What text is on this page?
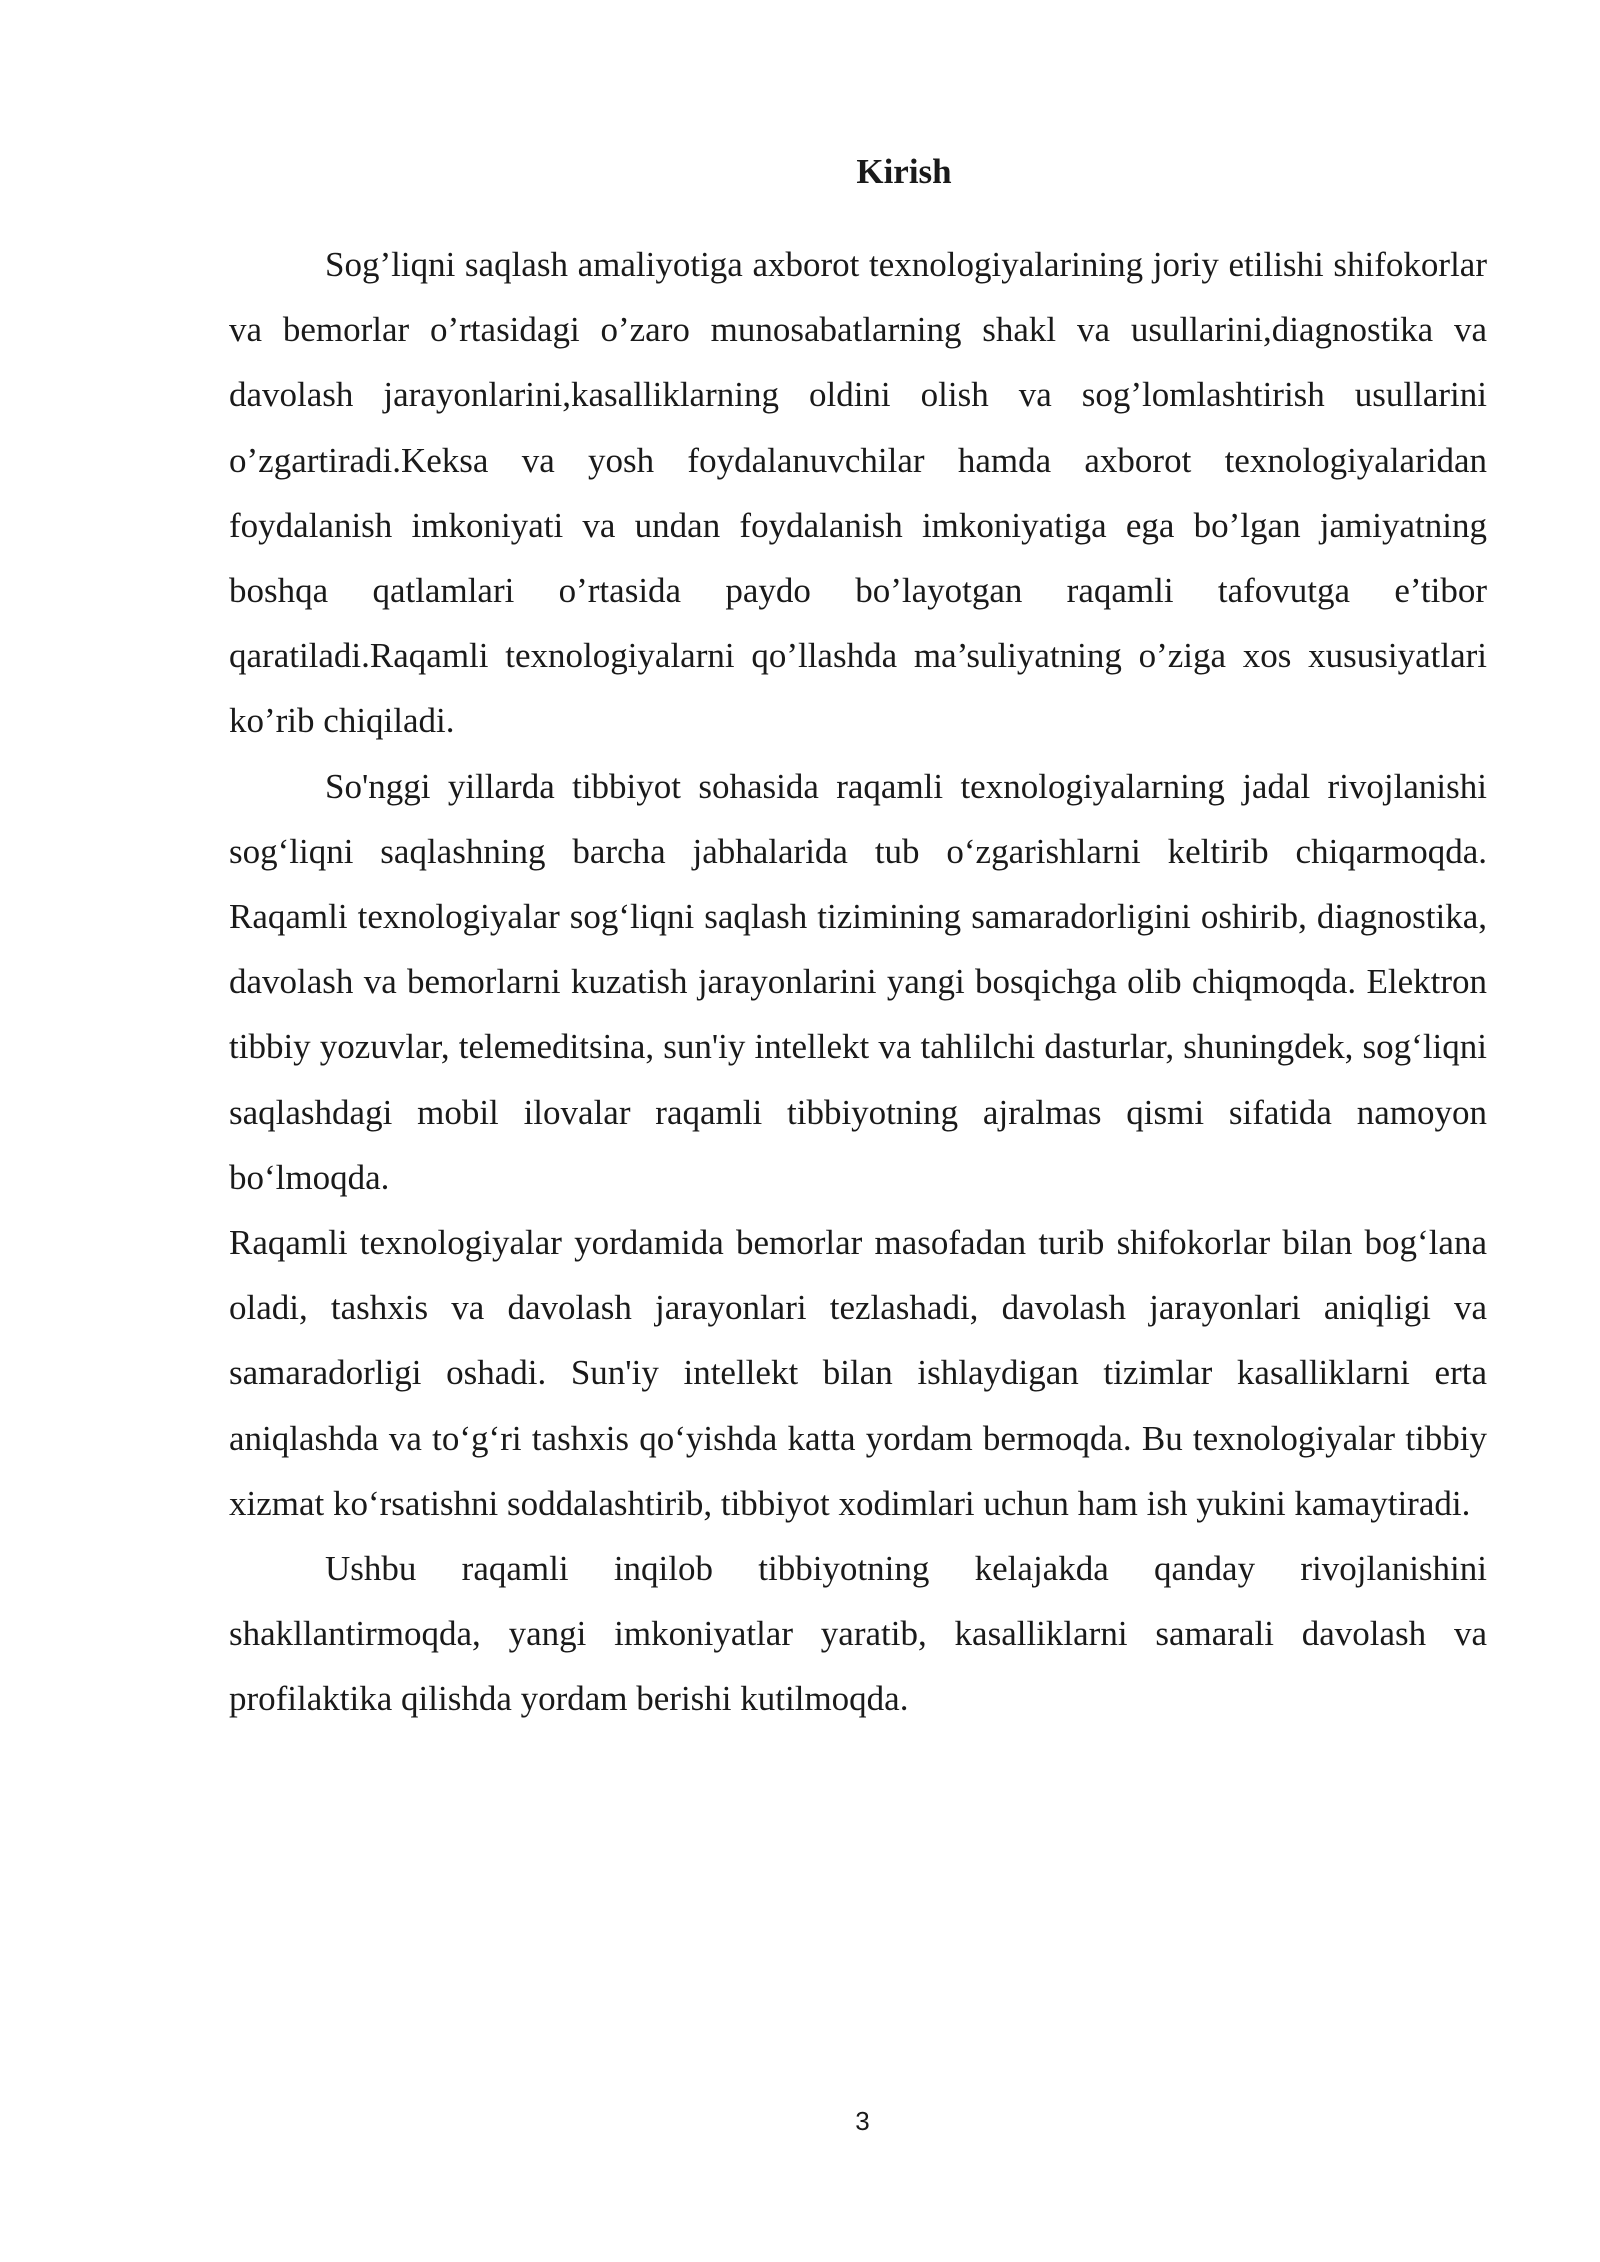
Kirish

Sog’liqni saqlash amaliyotiga axborot texnologiyalarining joriy etilishi shifokorlar va bemorlar o’rtasidagi o’zaro munosabatlarning shakl va usullarini,diagnostika va davolash jarayonlarini,kasalliklarning oldini olish va sog’lomlashtirish usullarini o’zgartiradi.Keksa va yosh foydalanuvchilar hamda axborot texnologiyalaridan foydalanish imkoniyati va undan foydalanish imkoniyatiga ega bo’lgan jamiyatning boshqa qatlamlari o’rtasida paydo bo’layotgan raqamli tafovutga e’tibor qaratiladi.Raqamli texnologiyalarni qo’llashda ma’suliyatning o’ziga xos xususiyatlari ko’rib chiqiladi.

So'nggi yillarda tibbiyot sohasida raqamli texnologiyalarning jadal rivojlanishi sog‘liqni saqlashning barcha jabhalarida tub o‘zgarishlarni keltirib chiqarmoqda. Raqamli texnologiyalar sog‘liqni saqlash tizimining samaradorligini oshirib, diagnostika, davolash va bemorlarni kuzatish jarayonlarini yangi bosqichga olib chiqmoqda. Elektron tibbiy yozuvlar, telemeditsina, sun'iy intellekt va tahlilchi dasturlar, shuningdek, sog‘liqni saqlashdagi mobil ilovalar raqamli tibbiyotning ajralmas qismi sifatida namoyon bo‘lmoqda.

Raqamli texnologiyalar yordamida bemorlar masofadan turib shifokorlar bilan bog‘lana oladi, tashxis va davolash jarayonlari tezlashadi, davolash jarayonlari aniqligi va samaradorligi oshadi. Sun'iy intellekt bilan ishlaydigan tizimlar kasalliklarni erta aniqlashda va to‘g‘ri tashxis qo‘yishda katta yordam bermoqda. Bu texnologiyalar tibbiy xizmat ko‘rsatishni soddalashtirib, tibbiyot xodimlari uchun ham ish yukini kamaytiradi.

Ushbu raqamli inqilob tibbiyotning kelajakda qanday rivojlanishini shakllantirmoqda, yangi imkoniyatlar yaratib, kasalliklarni samarali davolash va profilaktika qilishda yordam berishi kutilmoqda.

3
